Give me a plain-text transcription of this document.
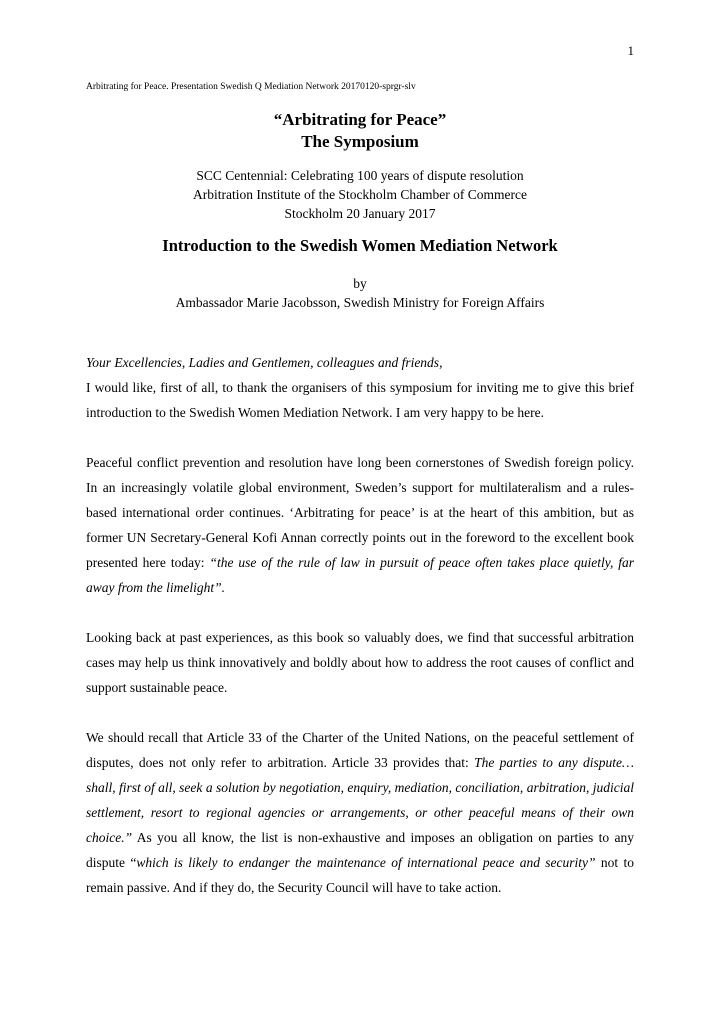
1
Arbitrating for Peace. Presentation Swedish Q Mediation Network 20170120-sprgr-slv
“Arbitrating for Peace”
The Symposium
SCC Centennial: Celebrating 100 years of dispute resolution
Arbitration Institute of the Stockholm Chamber of Commerce
Stockholm 20 January 2017
Introduction to the Swedish Women Mediation Network
by
Ambassador Marie Jacobsson, Swedish Ministry for Foreign Affairs

Your Excellencies, Ladies and Gentlemen, colleagues and friends,

I would like, first of all, to thank the organisers of this symposium for inviting me to give this brief introduction to the Swedish Women Mediation Network. I am very happy to be here.

Peaceful conflict prevention and resolution have long been cornerstones of Swedish foreign policy. In an increasingly volatile global environment, Sweden’s support for multilateralism and a rules-based international order continues. ‘Arbitrating for peace’ is at the heart of this ambition, but as former UN Secretary-General Kofi Annan correctly points out in the foreword to the excellent book presented here today: “the use of the rule of law in pursuit of peace often takes place quietly, far away from the limelight”.

Looking back at past experiences, as this book so valuably does, we find that successful arbitration cases may help us think innovatively and boldly about how to address the root causes of conflict and support sustainable peace.

We should recall that Article 33 of the Charter of the United Nations, on the peaceful settlement of disputes, does not only refer to arbitration. Article 33 provides that: The parties to any dispute… shall, first of all, seek a solution by negotiation, enquiry, mediation, conciliation, arbitration, judicial settlement, resort to regional agencies or arrangements, or other peaceful means of their own choice.” As you all know, the list is non-exhaustive and imposes an obligation on parties to any dispute “which is likely to endanger the maintenance of international peace and security” not to remain passive. And if they do, the Security Council will have to take action.
